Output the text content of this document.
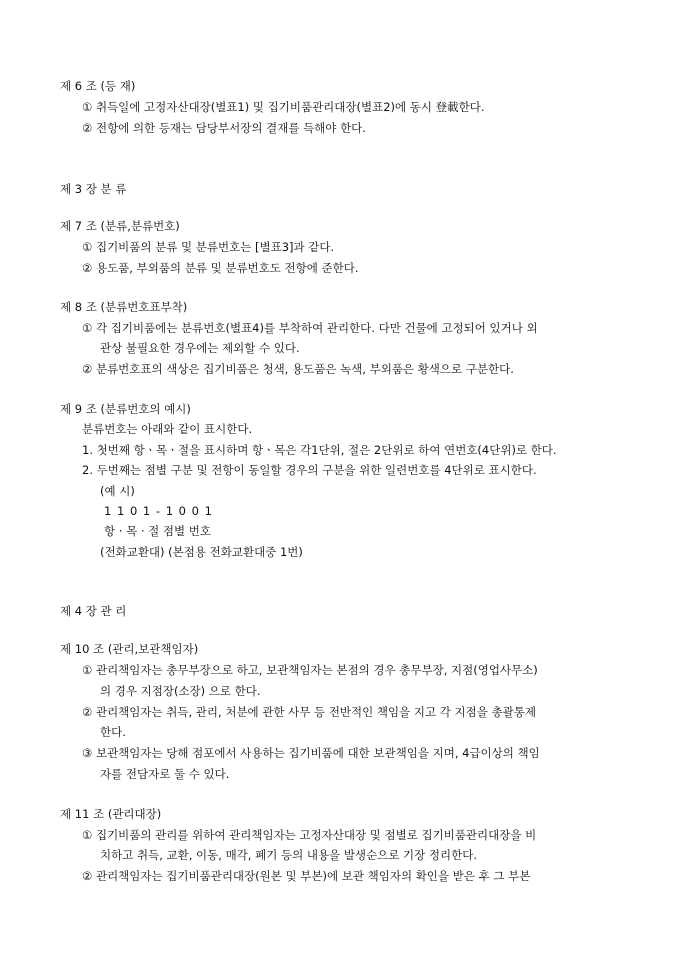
제 6 조 (등 재)
① 취득일에 고정자산대장(별표1) 및 집기비품관리대장(별표2)에 동시 登載한다.
② 전항에 의한 등재는 담당부서장의 결재를 득해야 한다.
제 3 장 분 류
제 7 조 (분류,분류번호)
① 집기비품의 분류 및 분류번호는 [별표3]과 같다.
② 용도품, 부외품의 분류 및 분류번호도 전항에 준한다.
제 8 조 (분류번호표부착)
① 각 집기비품에는 분류번호(별표4)를 부착하여 관리한다. 다만 건물에 고정되어 있거나 외
관상 불필요한 경우에는 제외할 수 있다.
② 분류번호표의 색상은 집기비품은 청색, 용도품은 녹색, 부외품은 황색으로 구분한다.
제 9 조 (분류번호의 예시)
분류번호는 아래와 같이 표시한다.
1. 첫번째 항ㆍ목ㆍ절을 표시하며 항ㆍ목은 각1단위, 절은 2단위로 하여 연번호(4단위)로 한다.
2. 두번째는 점별 구분 및 전항이 동일할 경우의 구분을 위한 일련번호를 4단위로 표시한다.
(예 시)
1 1 0 1 - 1 0 0 1
항 · 목 · 절 점별 번호
(전화교환대) (본점용 전화교환대중 1번)
제 4 장 관 리
제 10 조 (관리,보관책임자)
① 관리책임자는 총무부장으로 하고, 보관책임자는 본점의 경우 총무부장, 지점(영업사무소)
의 경우 지점장(소장) 으로 한다.
② 관리책임자는 취득, 관리, 처분에 관한 사무 등 전반적인 책임을 지고 각 지점을 총괄통제
한다.
③ 보관책임자는 당해 점포에서 사용하는 집기비품에 대한 보관책임을 지며, 4급이상의 책임
자를 전담자로 둘 수 있다.
제 11 조 (관리대장)
① 집기비품의 관리를 위하여 관리책임자는 고정자산대장 및 점별로 집기비품관리대장을 비
치하고 취득, 교환, 이동, 매각, 폐기 등의 내용을 발생순으로 기장 정리한다.
② 관리책임자는 집기비품관리대장(원본 및 부본)에 보관 책임자의 확인을 받은 후 그 부본
